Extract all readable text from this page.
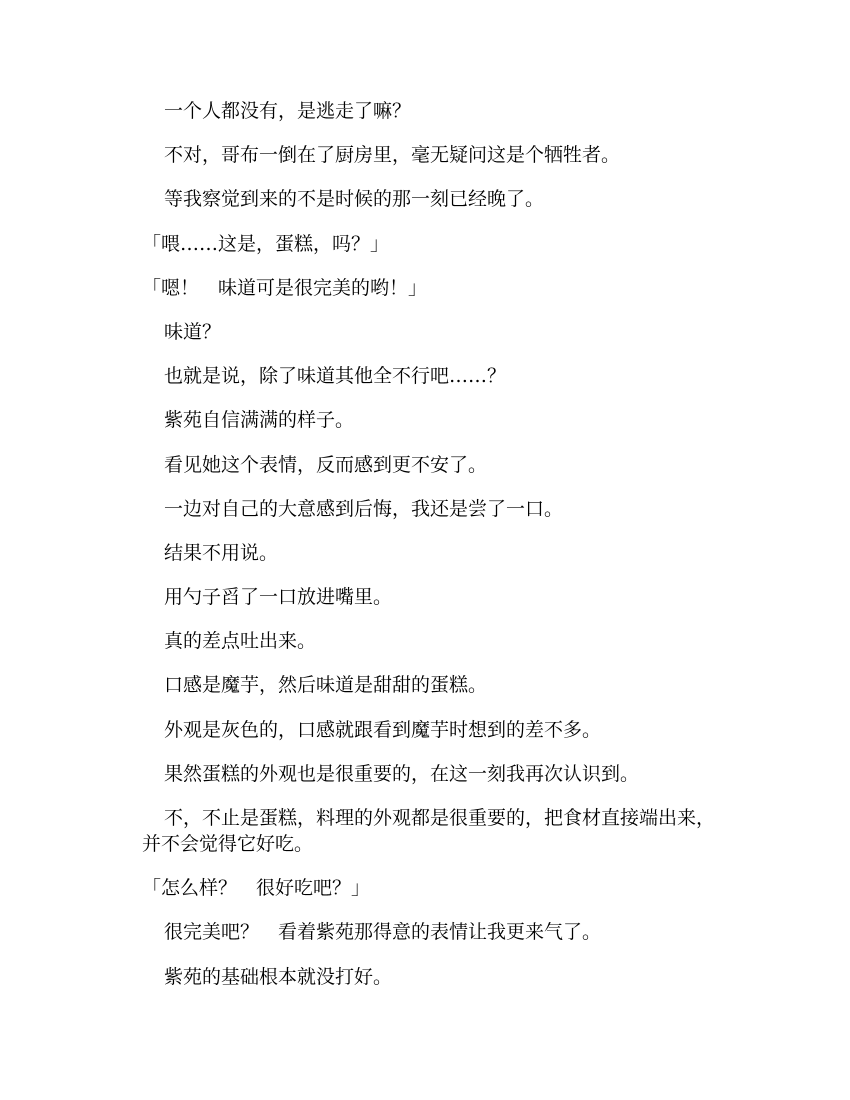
一个人都没有，是逃走了嘛？

不对，哥布一倒在了厨房里，毫无疑问这是个牺牲者。

等我察觉到来的不是时候的那一刻已经晚了。

「喂……这是，蛋糕，吗？」

「嗯！　味道可是很完美的哟！」

味道？

也就是说，除了味道其他全不行吧……？

紫苑自信满满的样子。

看见她这个表情，反而感到更不安了。

一边对自己的大意感到后悔，我还是尝了一口。

结果不用说。

用勺子舀了一口放进嘴里。

真的差点吐出来。

口感是魔芋，然后味道是甜甜的蛋糕。

外观是灰色的，口感就跟看到魔芋时想到的差不多。

果然蛋糕的外观也是很重要的，在这一刻我再次认识到。

不，不止是蛋糕，料理的外观都是很重要的，把食材直接端出来，并不会觉得它好吃。

「怎么样？　很好吃吧？」

很完美吧？　看着紫苑那得意的表情让我更来气了。

紫苑的基础根本就没打好。
